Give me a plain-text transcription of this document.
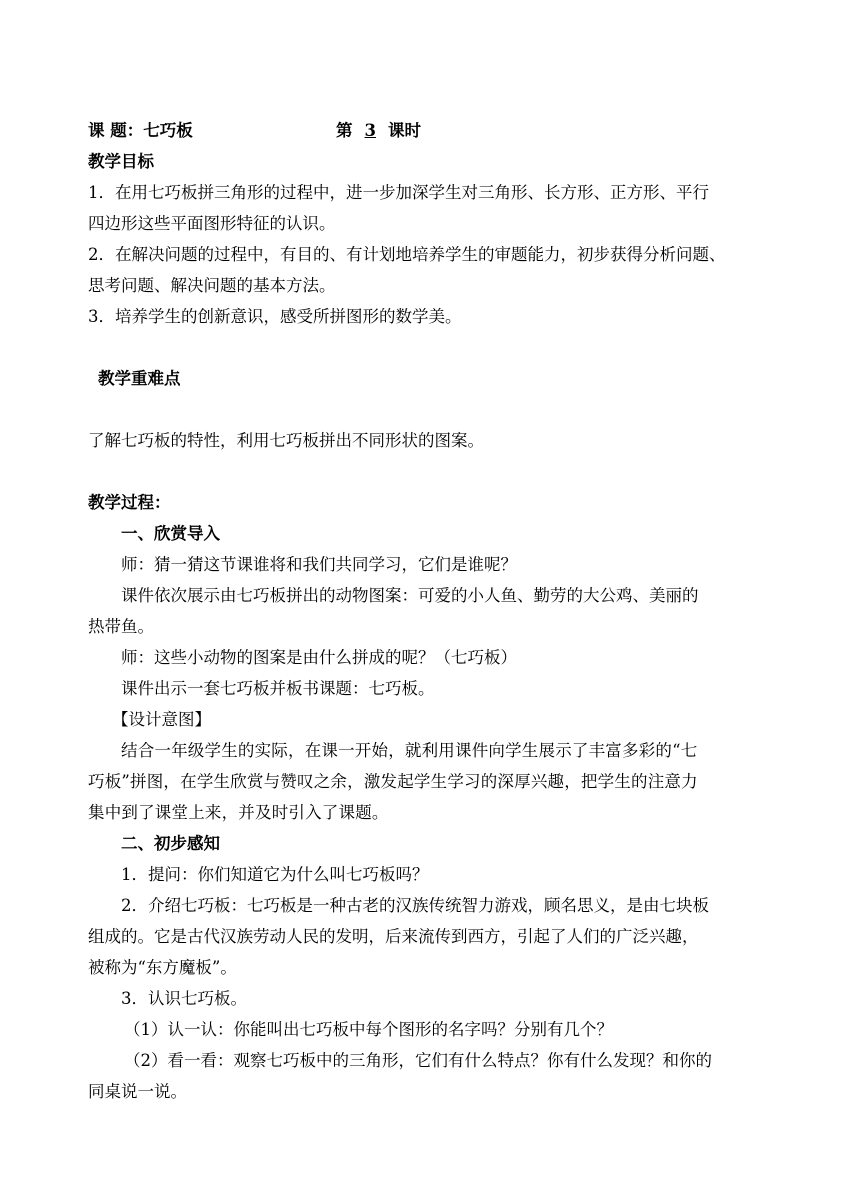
课 题：七巧板	第 3 课时
教学目标
1．在用七巧板拼三角形的过程中，进一步加深学生对三角形、长方形、正方形、平行
四边形这些平面图形特征的认识。
2．在解决问题的过程中，有目的、有计划地培养学生的审题能力，初步获得分析问题、
思考问题、解决问题的基本方法。
3．培养学生的创新意识，感受所拼图形的数学美。
教学重难点
了解七巧板的特性，利用七巧板拼出不同形状的图案。
教学过程：
一、欣赏导入
师：猜一猜这节课谁将和我们共同学习，它们是谁呢？
课件依次展示由七巧板拼出的动物图案：可爱的小人鱼、勤劳的大公鸡、美丽的
热带鱼。
师：这些小动物的图案是由什么拼成的呢？（七巧板）
课件出示一套七巧板并板书课题：七巧板。
【设计意图】
结合一年级学生的实际，在课一开始，就利用课件向学生展示了丰富多彩的“七
巧板”拼图，在学生欣赏与赞叹之余，激发起学生学习的深厚兴趣，把学生的注意力
集中到了课堂上来，并及时引入了课题。
二、初步感知
1．提问：你们知道它为什么叫七巧板吗？
2．介绍七巧板：七巧板是一种古老的汉族传统智力游戏，顾名思义，是由七块板
组成的。它是古代汉族劳动人民的发明，后来流传到西方，引起了人们的广泛兴趣，
被称为“东方魔板”。
3．认识七巧板。
（1）认一认：你能叫出七巧板中每个图形的名字吗？分别有几个？
（2）看一看：观察七巧板中的三角形，它们有什么特点？你有什么发现？和你的
同桌说一说。
